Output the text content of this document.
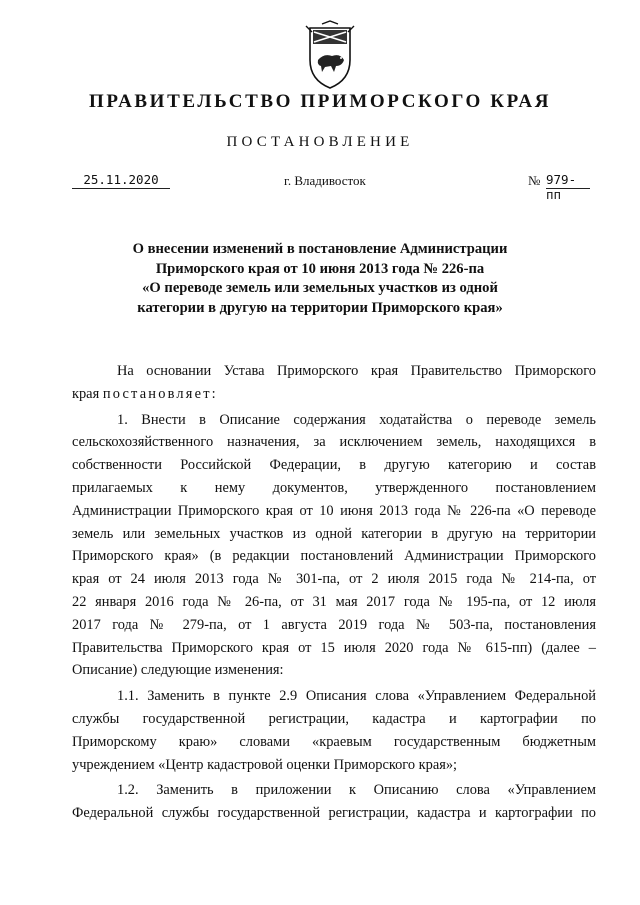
ПРАВИТЕЛЬСТВО ПРИМОРСКОГО КРАЯ
ПОСТАНОВЛЕНИЕ
25.11.2020	г. Владивосток	№ 979-пп
О внесении изменений в постановление Администрации
Приморского края от 10 июня 2013 года № 226-па
«О переводе земель или земельных участков из одной
категории в другую на территории Приморского края»
На основании Устава Приморского края Правительство Приморского
края постановляет:
1. Внести в Описание содержания ходатайства о переводе земель
сельскохозяйственного назначения, за исключением земель, находящихся в
собственности Российской Федерации, в другую категорию и состав
прилагаемых к нему документов, утвержденного постановлением
Администрации Приморского края от 10 июня 2013 года № 226-па «О переводе
земель или земельных участков из одной категории в другую на территории
Приморского края» (в редакции постановлений Администрации Приморского
края от 24 июля 2013 года № 301-па, от 2 июля 2015 года № 214-па, от
22 января 2016 года № 26-па, от 31 мая 2017 года № 195-па, от 12 июля
2017 года № 279-па, от 1 августа 2019 года № 503-па, постановления
Правительства Приморского края от 15 июля 2020 года № 615-пп) (далее –
Описание) следующие изменения:
1.1. Заменить в пункте 2.9 Описания слова «Управлением Федеральной
службы государственной регистрации, кадастра и картографии по
Приморскому краю» словами «краевым государственным бюджетным
учреждением «Центр кадастровой оценки Приморского края»;
1.2. Заменить в приложении к Описанию слова «Управлением
Федеральной службы государственной регистрации, кадастра и картографии по
